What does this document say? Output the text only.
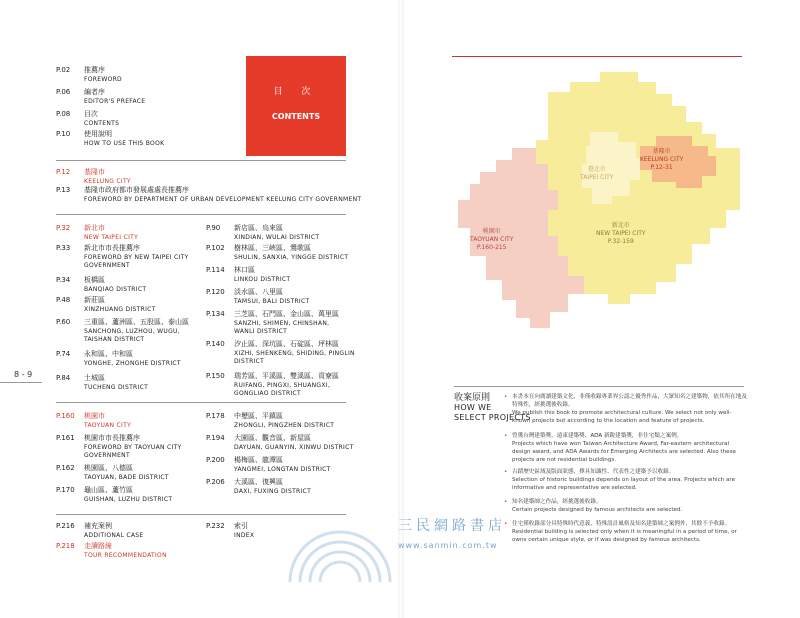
目 次
CONTENTS
8 - 9
臺北市
TAIPEI CITY
基隆市
KEELUNG CITY
P.12-31
新北市
NEW TAIPEI CITY
P.32-159
桃園市
TAOYUAN CITY
P.160-215
收案原則
HOW WE
SELECT PROJECTS
三民網路書店
www.sanmin.com.tw
P.02	推薦序
FOREWORD
P.06	編者序
EDITOR'S PREFACE
P.08	目次
CONTENTS
P.10	使用說明
HOW TO USE THIS BOOK
P.12	基隆市
KEELUNG CITY
P.13	基隆市政府都市發展處處長推薦序
FOREWORD BY DEPARTMENT OF URBAN DEVELOPMENT KEELUNG CITY GOVERNMENT
P.32	新北市
NEW TAIPEI CITY
P.33	新北市市長推薦序
FOREWORD BY NEW TAIPEI CITY
GOVERNMENT
P.34	板橋區
BANQIAO DISTRICT
P.48	新莊區
XINZHUANG DISTRICT
P.60	三重區、蘆洲區、五股區、泰山區
SANCHONG, LUZHOU, WUGU,
TAISHAN DISTRICT
P.74	永和區、中和區
YONGHE, ZHONGHE DISTRICT
P.84	土城區
TUCHENG DISTRICT
P.90	新店區、烏來區
XINDIAN, WULAI DISTRICT
P.102	樹林區、三峽區、鶯歌區
SHULIN, SANXIA, YINGGE DISTRICT
P.114	林口區
LINKOU DISTRICT
P.120	淡水區、八里區
TAMSUI, BALI DISTRICT
P.134	三芝區、石門區、金山區、萬里區
SANZHI, SHIMEN, CHINSHAN,
WANLI DISTRICT
P.140	汐止區、深坑區、石碇區、坪林區
XIZHI, SHENKENG, SHIDING, PINGLIN
DISTRICT
P.150	瑞芳區、平溪區、雙溪區、貢寮區
RUIFANG, PINGXI, SHUANGXI,
GONGLIAO DISTRICT
P.160	桃園市
TAOYUAN CITY
P.161	桃園市市長推薦序
FOREWORD BY TAOYUAN CITY
GOVERNMENT
P.162	桃園區、八德區
TAOYUAN, BADE DISTRICT
P.170	龜山區、蘆竹區
GUISHAN, LUZHU DISTRICT
P.178	中壢區、平鎮區
ZHONGLI, PINGZHEN DISTRICT
P.194	大園區、觀音區、新屋區
DAYUAN, GUANYIN, XINWU DISTRICT
P.200	楊梅區、龍潭區
YANGMEI, LONGTAN DISTRICT
P.206	大溪區、復興區
DAXI, FUXING DISTRICT
P.216	補充案例
ADDITIONAL CASE
P.218	走讀路線
TOUR RECOMMENDATION
P.232	索引
INDEX
• 本書本在向廣讀建築文化，非僅收錄專業界公認之優秀作品，大眾知名之建築物，依其所在地及特殊性，經挑選後收錄。
We publish this book to promote architectural culture. We select not only well-known projects but according to the location and feature of projects.
• 曾獲台灣建築獎、遠東建築獎、ADA 新銳建築獎，非住宅類之案例。
Projects which have won Taiwan Architecture Award, Far-eastern architectural design award, and ADA Awards for Emerging Architects are selected. Also these projects are not residential buildings.
• 古蹟歷史區域及版面狀態，擇具知識性、代表性之建築予以收錄。
Selection of historic buildings depends on layout of the area. Projects which are informative and representative are selected.
• 知名建築師之作品，經挑選後收錄。
Certain projects designed by famous architects are selected.
• 住宅僅收錄部分具特殊時代意義、特殊設計風格及知名建築師之案例外，其餘不予收錄。
Residential building is selected only when it is meaningful in a period of time, or owns certain unique style, or if was designed by famous architects.
